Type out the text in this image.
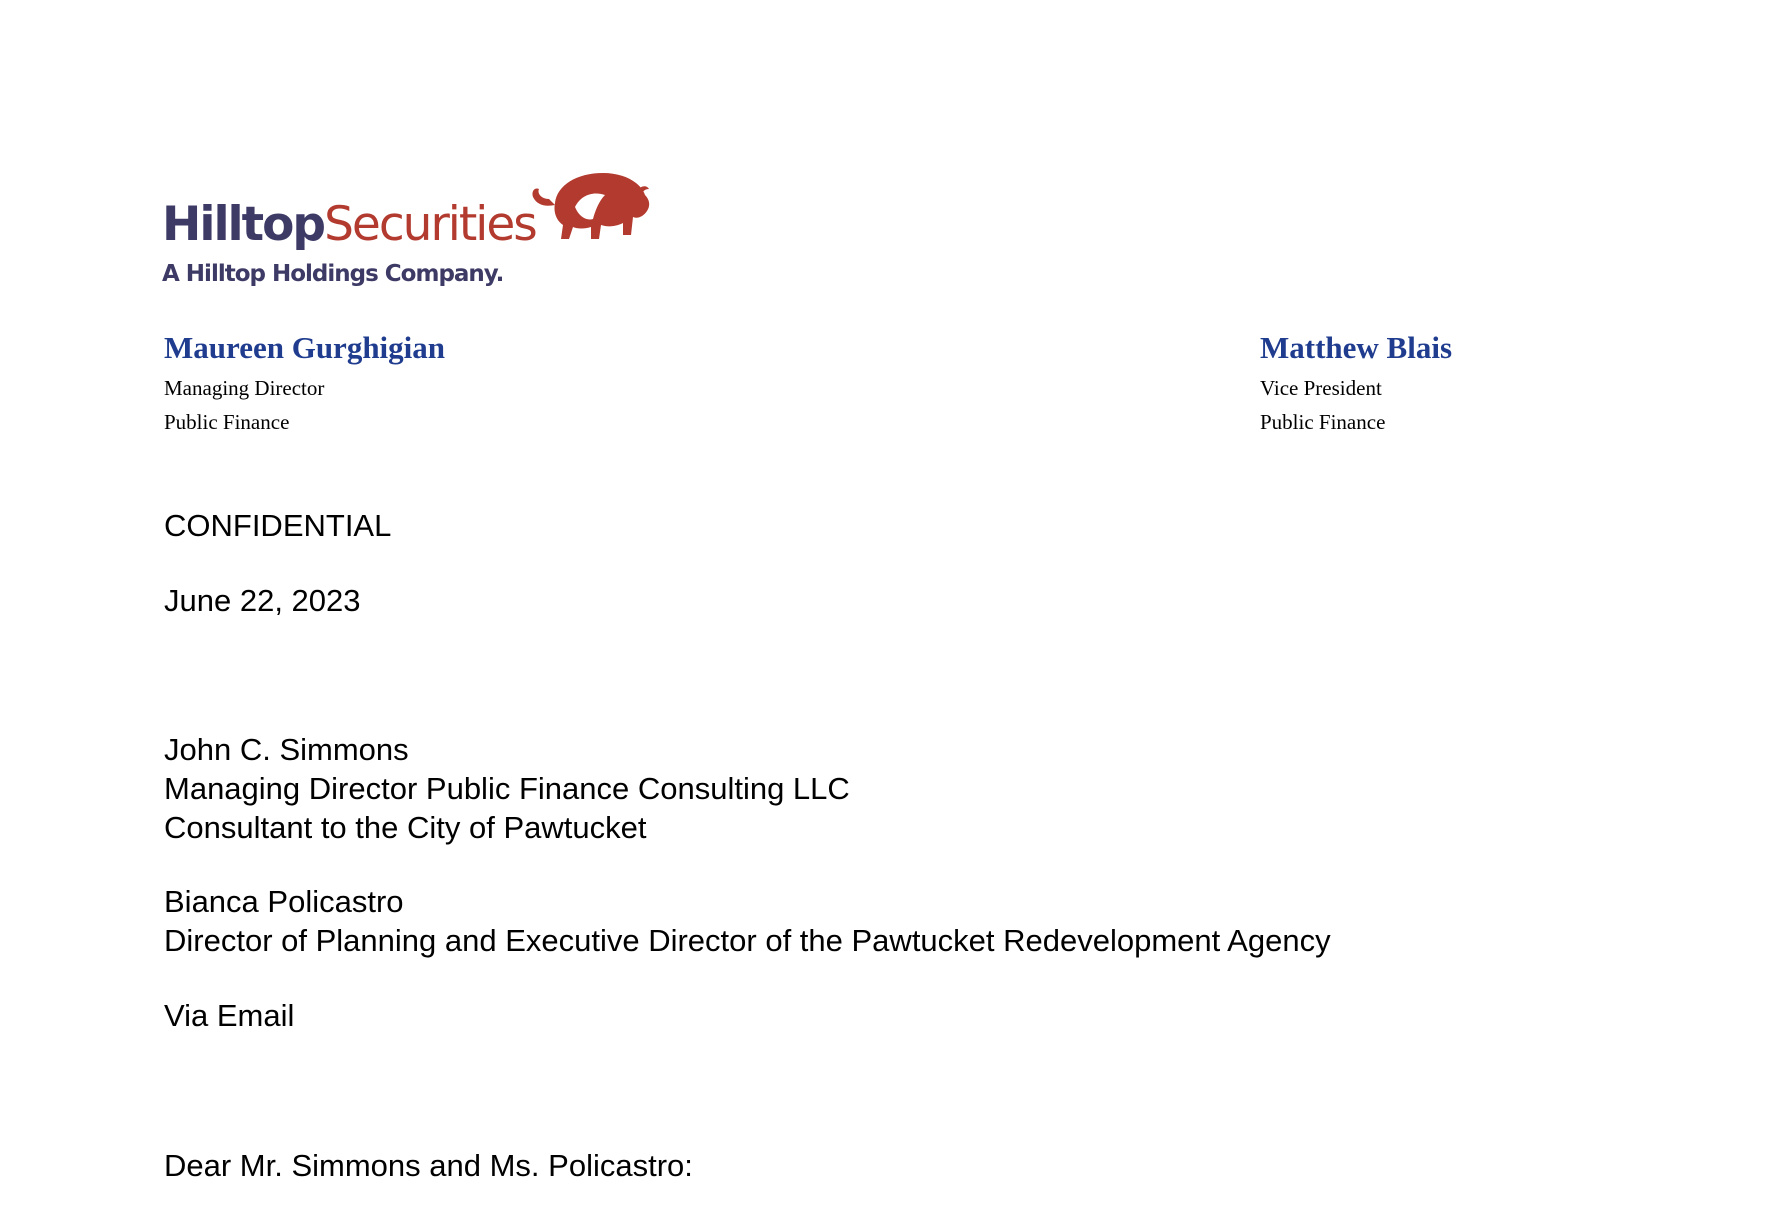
HilltopSecurities
A Hilltop Holdings Company.
Maureen Gurghigian
Managing Director
Public Finance
Matthew Blais
Vice President
Public Finance
CONFIDENTIAL
June 22, 2023
John C. Simmons
Managing Director Public Finance Consulting LLC
Consultant to the City of Pawtucket
Bianca Policastro
Director of Planning and Executive Director of the Pawtucket Redevelopment Agency
Via Email
Dear Mr. Simmons and Ms. Policastro:
